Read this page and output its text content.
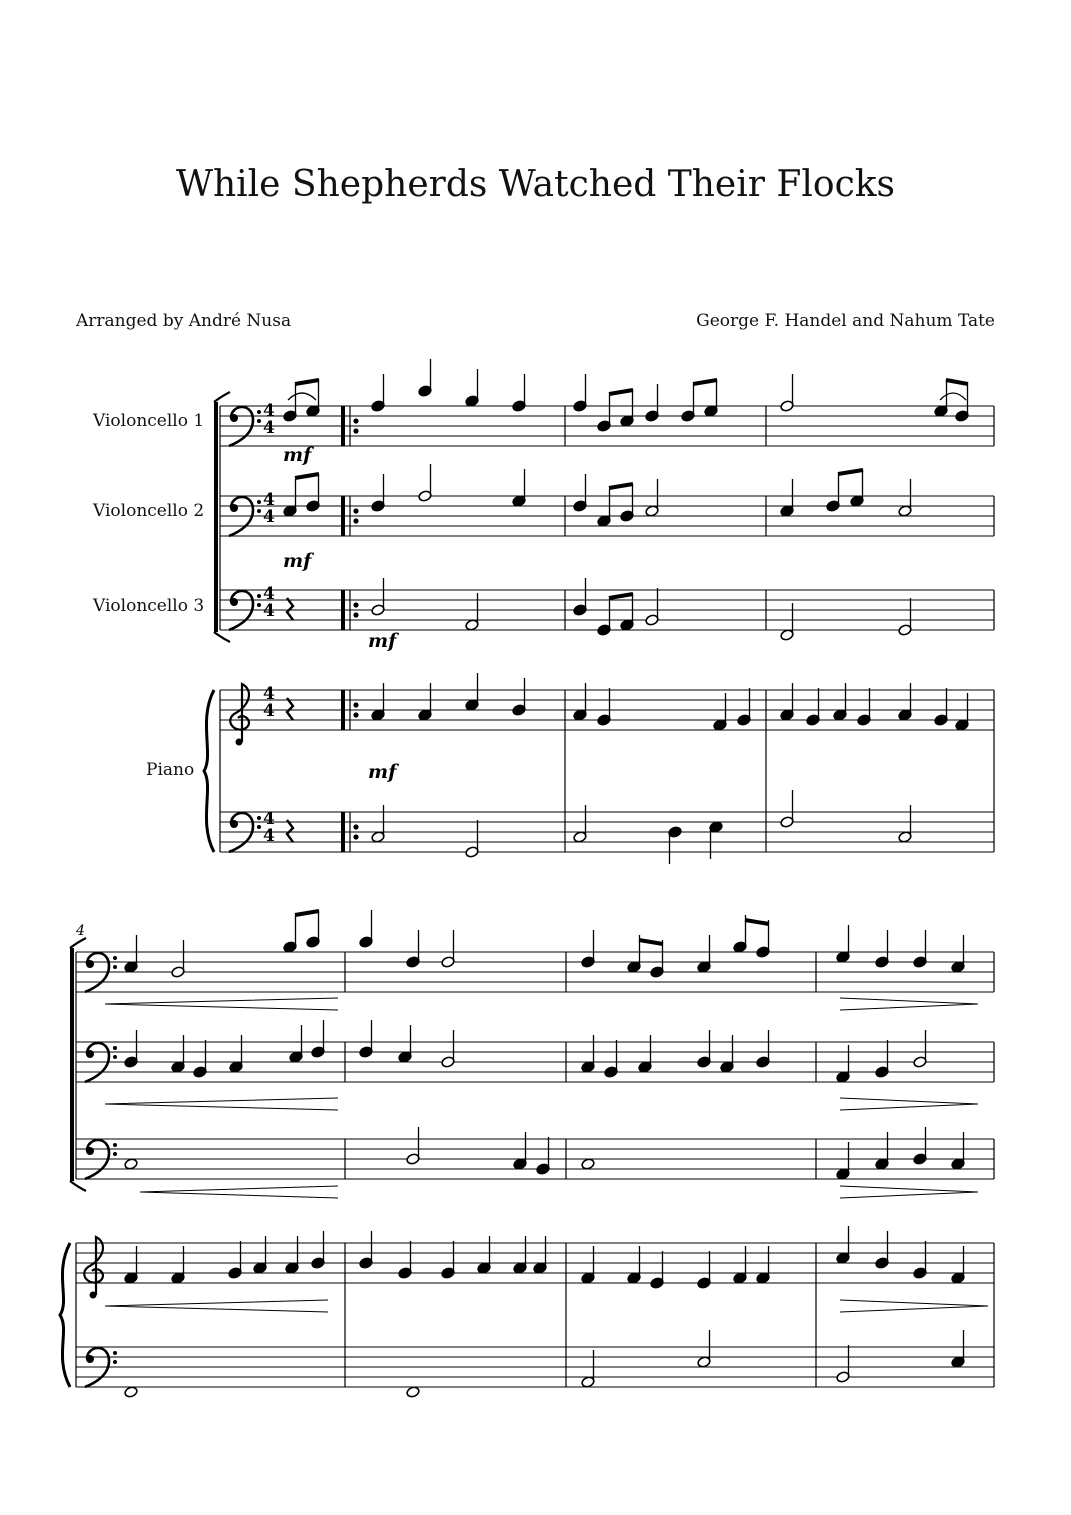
While Shepherds Watched Their Flocks
Arranged by André Nusa	George F. Handel and Nahum Tate
Violoncello 1
Violoncello 2
Violoncello 3
Piano
4
4
4
4
4
4
4
4
4
4
mf
mf
mf
mf
4
